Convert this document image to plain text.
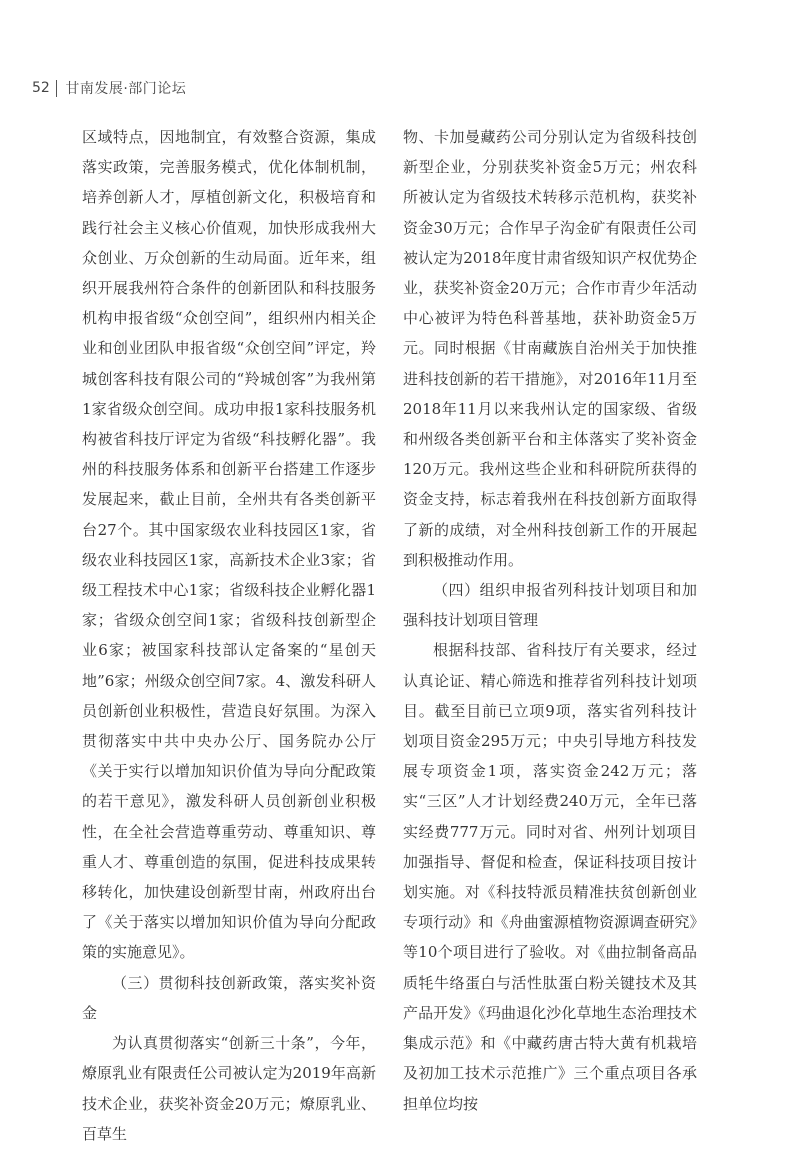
52 甘南发展·部门论坛

区域特点，因地制宜，有效整合资源，集成落实政策，完善服务模式，优化体制机制，培养创新人才，厚植创新文化，积极培育和践行社会主义核心价值观，加快形成我州大众创业、万众创新的生动局面。近年来，组织开展我州符合条件的创新团队和科技服务机构申报省级“众创空间”，组织州内相关企业和创业团队申报省级“众创空间”评定，羚城创客科技有限公司的“羚城创客”为我州第1家省级众创空间。成功申报1家科技服务机构被省科技厅评定为省级“科技孵化器”。我州的科技服务体系和创新平台搭建工作逐步发展起来，截止目前，全州共有各类创新平台27个。其中国家级农业科技园区1家，省级农业科技园区1家，高新技术企业3家；省级工程技术中心1家；省级科技企业孵化器1家；省级众创空间1家；省级科技创新型企业6家；被国家科技部认定备案的“星创天地”6家；州级众创空间7家。4、激发科研人员创新创业积极性，营造良好氛围。为深入贯彻落实中共中央办公厅、国务院办公厅《关于实行以增加知识价值为导向分配政策的若干意见》，激发科研人员创新创业积极性，在全社会营造尊重劳动、尊重知识、尊重人才、尊重创造的氛围，促进科技成果转移转化，加快建设创新型甘南，州政府出台了《关于落实以增加知识价值为导向分配政策的实施意见》。

（三）贯彻科技创新政策，落实奖补资金

为认真贯彻落实“创新三十条”，今年，燎原乳业有限责任公司被认定为2019年高新技术企业，获奖补资金20万元；燎原乳业、百草生

物、卡加曼藏药公司分别认定为省级科技创新型企业，分别获奖补资金5万元；州农科所被认定为省级技术转移示范机构，获奖补资金30万元；合作早子沟金矿有限责任公司被认定为2018年度甘肃省级知识产权优势企业，获奖补资金20万元；合作市青少年活动中心被评为特色科普基地，获补助资金5万元。同时根据《甘南藏族自治州关于加快推进科技创新的若干措施》，对2016年11月至2018年11月以来我州认定的国家级、省级和州级各类创新平台和主体落实了奖补资金120万元。我州这些企业和科研院所获得的资金支持，标志着我州在科技创新方面取得了新的成绩，对全州科技创新工作的开展起到积极推动作用。

（四）组织申报省列科技计划项目和加强科技计划项目管理

根据科技部、省科技厅有关要求，经过认真论证、精心筛选和推荐省列科技计划项目。截至目前已立项9项，落实省列科技计划项目资金295万元；中央引导地方科技发展专项资金1项，落实资金242万元；落实“三区”人才计划经费240万元，全年已落实经费777万元。同时对省、州列计划项目加强指导、督促和检查，保证科技项目按计划实施。对《科技特派员精准扶贫创新创业专项行动》和《舟曲蜜源植物资源调查研究》等10个项目进行了验收。对《曲拉制备高品质牦牛络蛋白与活性肽蛋白粉关键技术及其产品开发》《玛曲退化沙化草地生态治理技术集成示范》和《中藏药唐古特大黄有机栽培及初加工技术示范推广》三个重点项目各承担单位均按
